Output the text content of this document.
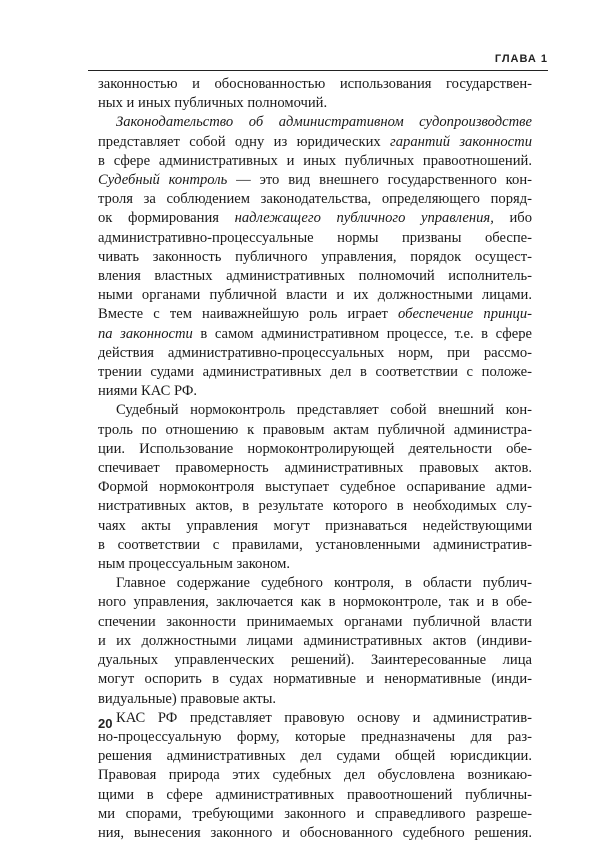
ГЛАВА 1
законностью и обоснованностью использования государствен-
ных и иных публичных полномочий.
Законодательство об административном судопроизводстве
представляет собой одну из юридических гарантий законности
в сфере административных и иных публичных правоотношений.
Судебный контроль — это вид внешнего государственного кон-
троля за соблюдением законодательства, определяющего поряд-
ок формирования надлежащего публичного управления, ибо
административно-процессуальные нормы призваны обеспе-
чивать законность публичного управления, порядок осущест-
вления властных административных полномочий исполнитель-
ными органами публичной власти и их должностными лицами.
Вместе с тем наиважнейшую роль играет обеспечение принци-
па законности в самом административном процессе, т.е. в сфере
действия административно-процессуальных норм, при рассмо-
трении судами административных дел в соответствии с положе-
ниями КАС РФ.
Судебный нормоконтроль представляет собой внешний кон-
троль по отношению к правовым актам публичной администра-
ции. Использование нормоконтролирующей деятельности обе-
спечивает правомерность административных правовых актов.
Формой нормоконтроля выступает судебное оспаривание адми-
нистративных актов, в результате которого в необходимых слу-
чаях акты управления могут признаваться недействующими
в соответствии с правилами, установленными административ-
ным процессуальным законом.
Главное содержание судебного контроля, в области публич-
ного управления, заключается как в нормоконтроле, так и в обе-
спечении законности принимаемых органами публичной власти
и их должностными лицами административных актов (индиви-
дуальных управленческих решений). Заинтересованные лица
могут оспорить в судах нормативные и ненормативные (инди-
видуальные) правовые акты.
КАС РФ представляет правовую основу и административ-
но-процессуальную форму, которые предназначены для раз-
решения административных дел судами общей юрисдикции.
Правовая природа этих судебных дел обусловлена возникаю-
щими в сфере административных правоотношений публичны-
ми спорами, требующими законного и справедливого разреше-
ния, вынесения законного и обоснованного судебного решения.
20
